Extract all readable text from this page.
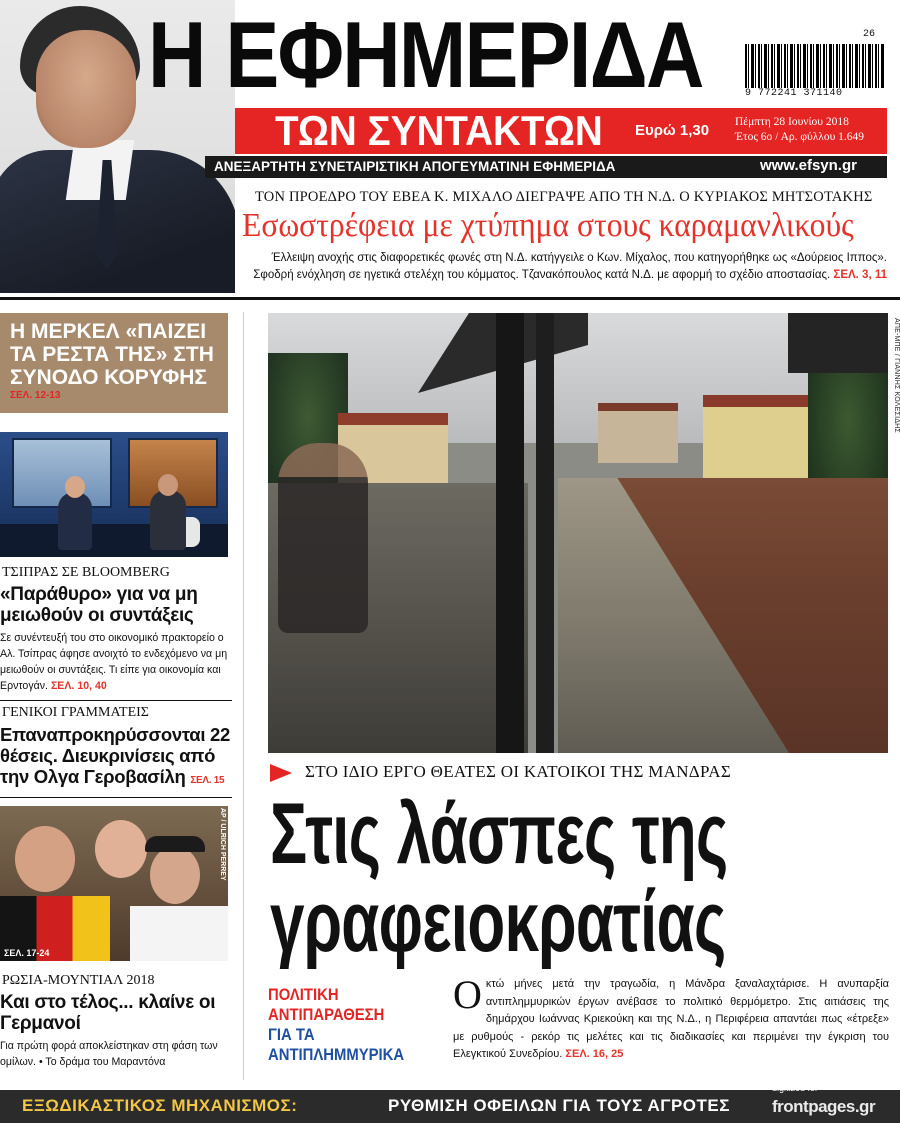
Η ΕΦΗΜΕΡΙΔΑ	26
9 772241 371140
ΤΩΝ ΣΥΝΤΑΚΤΩΝ Ευρώ 1,30 Πέμπτη 28 Ιουνίου 2018
Έτος 6ο / Αρ. φύλλου 1.649
ΑΝΕΞΑΡΤΗΤΗ ΣΥΝΕΤΑΙΡΙΣΤΙΚΗ ΑΠΟΓΕΥΜΑΤΙΝΗ ΕΦΗΜΕΡΙΔΑ	www.efsyn.gr
ΤΟΝ ΠΡΟΕΔΡΟ ΤΟΥ ΕΒΕΑ Κ. ΜΙΧΑΛΟ ΔΙΕΓΡΑΨΕ ΑΠΟ ΤΗ Ν.Δ. Ο ΚΥΡΙΑΚΟΣ ΜΗΤΣΟΤΑΚΗΣ
Εσωστρέφεια με χτύπημα στους καραμανλικούς
Έλλειψη ανοχής στις διαφορετικές φωνές στη Ν.Δ. κατήγγειλε ο Κων. Μίχαλος, που κατηγορήθηκε ως «Δούρειος Ιππος».
Σφοδρή ενόχληση σε ηγετικά στελέχη του κόμματος. Τζανακόπουλος κατά Ν.Δ. με αφορμή το σχέδιο αποστασίας. ΣΕΛ. 3, 11
Η ΜΕΡΚΕΛ «ΠΑΙΖΕΙ ΤΑ ΡΕΣΤΑ ΤΗΣ» ΣΤΗ ΣΥΝΟΔΟ ΚΟΡΥΦΗΣ
ΣΕΛ. 12-13
ΤΣΙΠΡΑΣ ΣΕ BLOOMBERG
«Παράθυρο» για να μη μειωθούν οι συντάξεις
Σε συνέντευξή του στο οικονομικό πρακτορείο ο Αλ. Τσίπρας άφησε ανοιχτό το ενδεχόμενο να μη μειωθούν οι συντάξεις. Τι είπε για οικονομία και Ερντογάν. ΣΕΛ. 10, 40
ΓΕΝΙΚΟΙ ΓΡΑΜΜΑΤΕΙΣ
Επαναπροκηρύσσονται 22 θέσεις. Διευκρινίσεις από την Ολγα Γεροβασίλη ΣΕΛ. 15
AP / ULRICH PERREY
ΣΕΛ. 17-24
ΡΩΣΙΑ-ΜΟΥΝΤΙΑΛ 2018
Και στο τέλος... κλαίνε οι Γερμανοί
Για πρώτη φορά αποκλείστηκαν στη φάση των ομίλων. • Το δράμα του Μαραντόνα
ΑΠΕ-ΜΠΕ / ΓΙΑΝΝΗΣ ΚΟΛΕΣΙΔΗΣ
ΣΤΟ ΙΔΙΟ ΕΡΓΟ ΘΕΑΤΕΣ ΟΙ ΚΑΤΟΙΚΟΙ ΤΗΣ ΜΑΝΔΡΑΣ
Στις λάσπες της
γραφειοκρατίας
ΠΟΛΙΤΙΚΗ ΑΝΤΙΠΑΡΑΘΕΣΗ
ΓΙΑ ΤΑ ΑΝΤΙΠΛΗΜΜΥΡΙΚΑ
Οκτώ μήνες μετά την τραγωδία, η Μάνδρα ξαναλαχτάρισε. Η ανυπαρξία αντιπλημμυρικών έργων ανέβασε το πολιτικό θερμόμετρο. Στις αιτιάσεις της δημάρχου Ιωάννας Κριεκούκη και της Ν.Δ., η Περιφέρεια απαντάει πως «έτρεξε» με ρυθμούς - ρεκόρ τις μελέτες και τις διαδικασίες και περιμένει την έγκριση του Ελεγκτικού Συνεδρίου. ΣΕΛ. 16, 25
ΕΞΩΔΙΚΑΣΤΙΚΟΣ ΜΗΧΑΝΙΣΜΟΣ:	ΡΥΘΜΙΣΗ ΟΦΕΙΛΩΝ ΓΙΑ ΤΟΥΣ ΑΓΡΟΤΕΣ
digitized for
frontpages.gr
